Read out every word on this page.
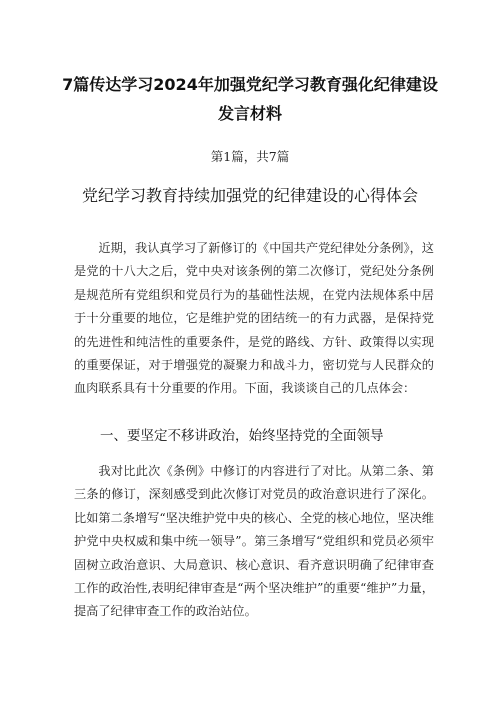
7篇传达学习2024年加强党纪学习教育强化纪律建设发言材料
第1篇，共7篇
党纪学习教育持续加强党的纪律建设的心得体会

近期，我认真学习了新修订的《中国共产党纪律处分条例》，这是党的十八大之后，党中央对该条例的第二次修订，党纪处分条例是规范所有党组织和党员行为的基础性法规，在党内法规体系中居于十分重要的地位，它是维护党的团结统一的有力武器，是保持党的先进性和纯洁性的重要条件，是党的路线、方针、政策得以实现的重要保证，对于增强党的凝聚力和战斗力，密切党与人民群众的血肉联系具有十分重要的作用。下面，我谈谈自己的几点体会：

一、要坚定不移讲政治，始终坚持党的全面领导

我对比此次《条例》中修订的内容进行了对比。从第二条、第三条的修订，深刻感受到此次修订对党员的政治意识进行了深化。比如第二条增写“坚决维护党中央的核心、全党的核心地位，坚决维护党中央权威和集中统一领导”。第三条增写“党组织和党员必须牢固树立政治意识、大局意识、核心意识、看齐意识明确了纪律审查工作的政治性,表明纪律审查是“两个坚决维护”的重要“维护”力量，提高了纪律审查工作的政治站位。
